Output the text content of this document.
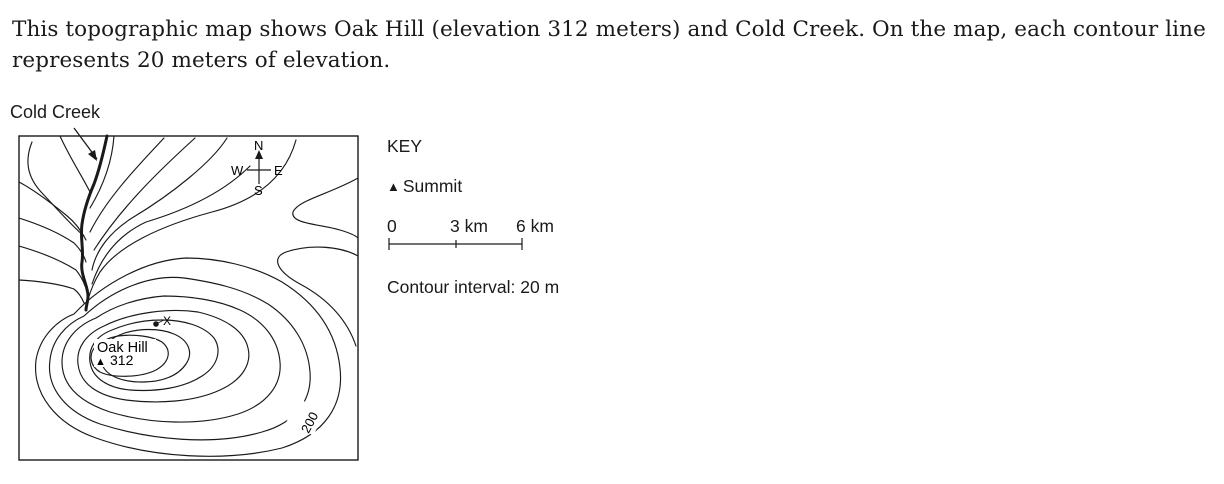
This topographic map shows Oak Hill (elevation 312 meters) and Cold Creek. On the map, each contour line represents 20 meters of elevation.

Cold Creek
X
Oak Hill
▲ 312
200
N
S
W E
KEY
▲ Summit
0	3 km 6 km
Contour interval: 20 m
